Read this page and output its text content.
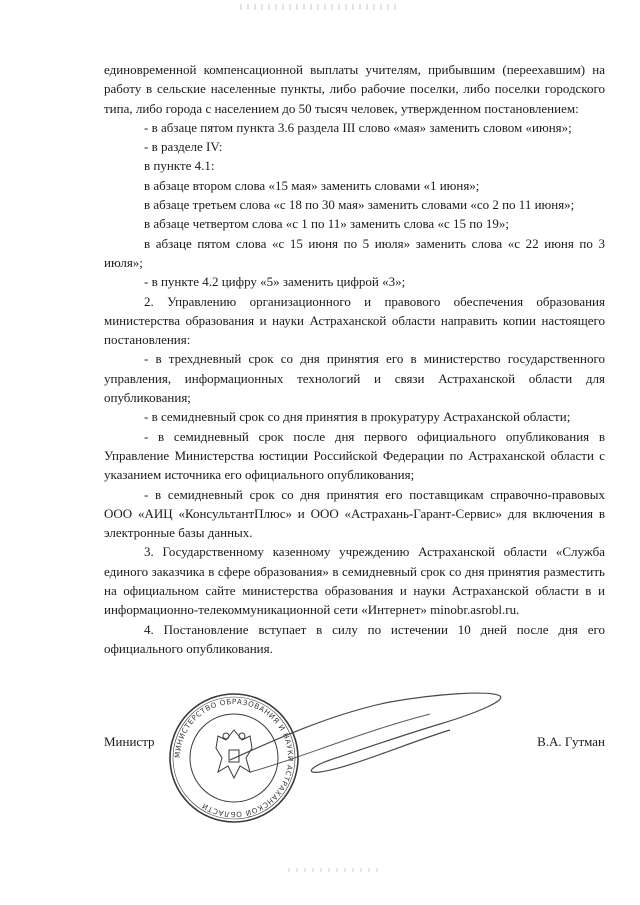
единовременной компенсационной выплаты учителям, прибывшим (переехавшим) на работу в сельские населенные пункты, либо рабочие поселки, либо поселки городского типа, либо города с населением до 50 тысяч человек, утвержденном постановлением:

- в абзаце пятом пункта 3.6 раздела III слово «мая» заменить словом «июня»;

- в разделе IV:

в пункте 4.1:

в абзаце втором слова «15 мая» заменить словами «1 июня»;

в абзаце третьем слова «с 18 по 30 мая» заменить словами «со 2 по 11 июня»;

в абзаце четвертом слова «с 1 по 11» заменить слова «с 15 по 19»;

в абзаце пятом слова «с 15 июня по 5 июля» заменить слова «с 22 июня по 3 июля»;

- в пункте 4.2 цифру «5» заменить цифрой «3»;

2. Управлению организационного и правового обеспечения образования министерства образования и науки Астраханской области направить копии настоящего постановления:

- в трехдневный срок со дня принятия его в министерство государственного управления, информационных технологий и связи Астраханской области для опубликования;

- в семидневный срок со дня принятия в прокуратуру Астраханской области;

- в семидневный срок после дня первого официального опубликования в Управление Министерства юстиции Российской Федерации по Астраханской области с указанием источника его официального опубликования;

- в семидневный срок со дня принятия его поставщикам справочно-правовых ООО «АИЦ «КонсультантПлюс» и ООО «Астрахань-Гарант-Сервис» для включения в электронные базы данных.

3. Государственному казенному учреждению Астраханской области «Служба единого заказчика в сфере образования» в семидневный срок со дня принятия разместить на официальном сайте министерства образования и науки Астраханской области в и информационно-телекоммуникационной сети «Интернет» minobr.asrobl.ru.

4. Постановление вступает в силу по истечении 10 дней после дня его официального опубликования.

МИНИСТЕРСТВО ОБРАЗОВАНИЯ И НАУКИ АСТРАХАНСКОЙ ОБЛАСТИ
Министр	В.А. Гутман
